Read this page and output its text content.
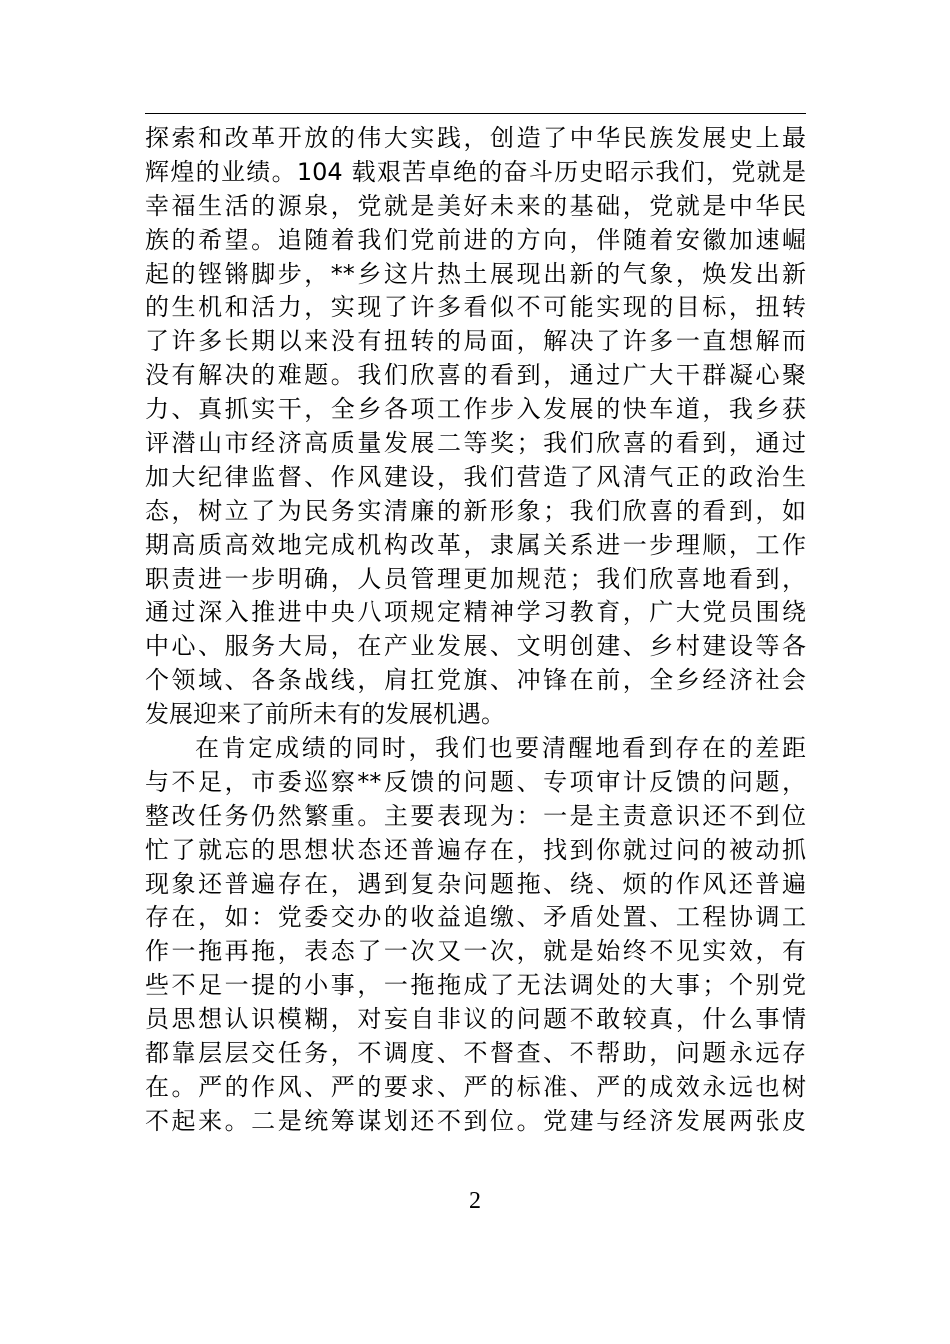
探索和改革开放的伟大实践，创造了中华民族发展史上最
辉煌的业绩。104 载艰苦卓绝的奋斗历史昭示我们，党就是
幸福生活的源泉，党就是美好未来的基础，党就是中华民
族的希望。追随着我们党前进的方向，伴随着安徽加速崛
起的铿锵脚步，**乡这片热土展现出新的气象，焕发出新
的生机和活力，实现了许多看似不可能实现的目标，扭转
了许多长期以来没有扭转的局面，解决了许多一直想解而
没有解决的难题。我们欣喜的看到，通过广大干群凝心聚
力、真抓实干，全乡各项工作步入发展的快车道，我乡获
评潜山市经济高质量发展二等奖；我们欣喜的看到，通过
加大纪律监督、作风建设，我们营造了风清气正的政治生
态，树立了为民务实清廉的新形象；我们欣喜的看到，如
期高质高效地完成机构改革，隶属关系进一步理顺，工作
职责进一步明确，人员管理更加规范；我们欣喜地看到，
通过深入推进中央八项规定精神学习教育，广大党员围绕
中心、服务大局，在产业发展、文明创建、乡村建设等各
个领域、各条战线，肩扛党旗、冲锋在前，全乡经济社会
发展迎来了前所未有的发展机遇。
在肯定成绩的同时，我们也要清醒地看到存在的差距
与不足，市委巡察**反馈的问题、专项审计反馈的问题，
整改任务仍然繁重。主要表现为：一是主责意识还不到位
忙了就忘的思想状态还普遍存在，找到你就过问的被动抓
现象还普遍存在，遇到复杂问题拖、绕、烦的作风还普遍
存在，如：党委交办的收益追缴、矛盾处置、工程协调工
作一拖再拖，表态了一次又一次，就是始终不见实效，有
些不足一提的小事，一拖拖成了无法调处的大事；个别党
员思想认识模糊，对妄自非议的问题不敢较真，什么事情
都靠层层交任务，不调度、不督查、不帮助，问题永远存
在。严的作风、严的要求、严的标准、严的成效永远也树
不起来。二是统筹谋划还不到位。党建与经济发展两张皮
2
